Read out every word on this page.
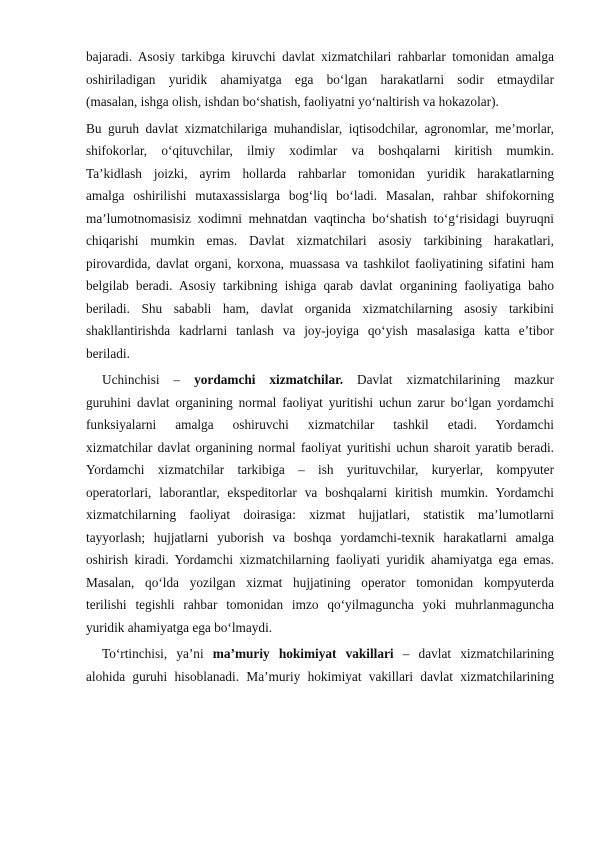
bajaradi. Asosiy tarkibga kiruvchi davlat xizmatchilari rahbarlar tomonidan amalga
oshiriladigan yuridik ahamiyatga ega bo‘lgan harakatlarni sodir etmaydilar
(masalan, ishga olish, ishdan bo‘shatish, faoliyatni yo‘naltirish va hokazolar).
Bu guruh davlat xizmatchilariga muhandislar, iqtisodchilar, agronomlar, me’morlar,
shifokorlar, o‘qituvchilar, ilmiy xodimlar va boshqalarni kiritish mumkin.
Ta’kidlash joizki, ayrim hollarda rahbarlar tomonidan yuridik harakatlarning
amalga oshirilishi mutaxassislarga bog‘liq bo‘ladi. Masalan, rahbar shifokorning
ma’lumotnomasisiz xodimni mehnatdan vaqtincha bo‘shatish to‘g‘risidagi buyruqni
chiqarishi mumkin emas. Davlat xizmatchilari asosiy tarkibining harakatlari,
pirovardida, davlat organi, korxona, muassasa va tashkilot faoliyatining sifatini ham
belgilab beradi. Asosiy tarkibning ishiga qarab davlat organining faoliyatiga baho
beriladi. Shu sababli ham, davlat organida xizmatchilarning asosiy tarkibini
shakllantirishda kadrlarni tanlash va joy-joyiga qo‘yish masalasiga katta e’tibor
beriladi.
Uchinchisi – yordamchi xizmatchilar. Davlat xizmatchilarining mazkur
guruhini davlat organining normal faoliyat yuritishi uchun zarur bo‘lgan yordamchi
funksiyalarni amalga oshiruvchi xizmatchilar tashkil etadi. Yordamchi
xizmatchilar davlat organining normal faoliyat yuritishi uchun sharoit yaratib beradi.
Yordamchi xizmatchilar tarkibiga – ish yurituvchilar, kuryerlar, kompyuter
operatorlari, laborantlar, ekspeditorlar va boshqalarni kiritish mumkin. Yordamchi
xizmatchilarning faoliyat doirasiga: xizmat hujjatlari, statistik ma’lumotlarni
tayyorlash; hujjatlarni yuborish va boshqa yordamchi-texnik harakatlarni amalga
oshirish kiradi. Yordamchi xizmatchilarning faoliyati yuridik ahamiyatga ega emas.
Masalan, qo‘lda yozilgan xizmat hujjatining operator tomonidan kompyuterda
terilishi tegishli rahbar tomonidan imzo qo‘yilmaguncha yoki muhrlanmaguncha
yuridik ahamiyatga ega bo‘lmaydi.
To‘rtinchisi, ya’ni ma’muriy hokimiyat vakillari – davlat xizmatchilarining
alohida guruhi hisoblanadi. Ma’muriy hokimiyat vakillari davlat xizmatchilarining
